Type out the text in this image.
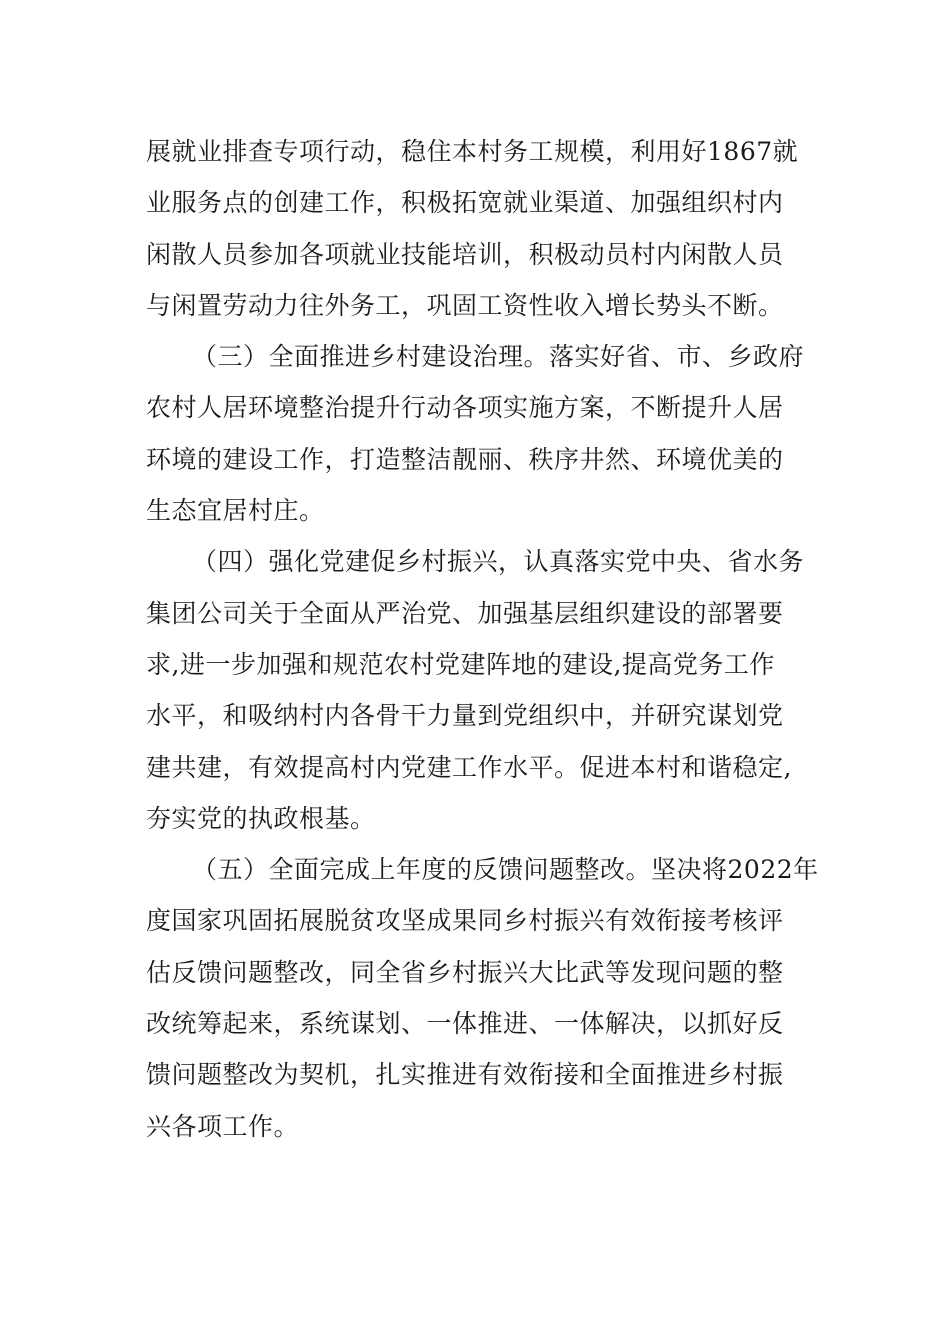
展就业排查专项行动，稳住本村务工规模，利用好1867就
业服务点的创建工作，积极拓宽就业渠道、加强组织村内
闲散人员参加各项就业技能培训，积极动员村内闲散人员
与闲置劳动力往外务工，巩固工资性收入增长势头不断。

（三）全面推进乡村建设治理。落实好省、市、乡政府
农村人居环境整治提升行动各项实施方案，不断提升人居
环境的建设工作，打造整洁靓丽、秩序井然、环境优美的
生态宜居村庄。

（四）强化党建促乡村振兴，认真落实党中央、省水务
集团公司关于全面从严治党、加强基层组织建设的部署要
求,进一步加强和规范农村党建阵地的建设,提高党务工作
水平，和吸纳村内各骨干力量到党组织中，并研究谋划党
建共建，有效提高村内党建工作水平。促进本村和谐稳定,
夯实党的执政根基。

（五）全面完成上年度的反馈问题整改。坚决将2022年
度国家巩固拓展脱贫攻坚成果同乡村振兴有效衔接考核评
估反馈问题整改，同全省乡村振兴大比武等发现问题的整
改统筹起来，系统谋划、一体推进、一体解决，以抓好反
馈问题整改为契机，扎实推进有效衔接和全面推进乡村振
兴各项工作。
